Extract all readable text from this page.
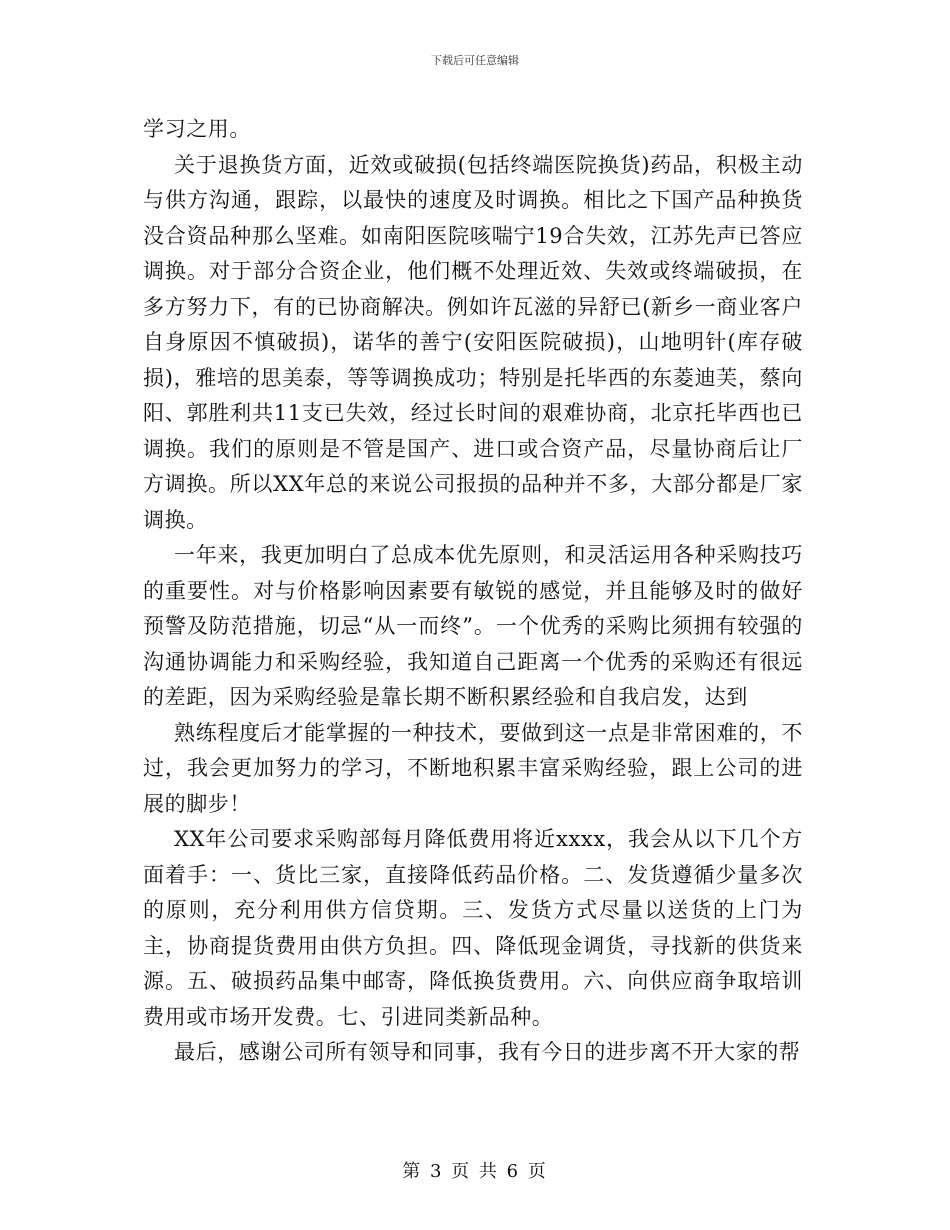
下载后可任意编辑

学习之用。

关于退换货方面，近效或破损(包括终端医院换货)药品，积极主动与供方沟通，跟踪，以最快的速度及时调换。相比之下国产品种换货没合资品种那么坚难。如南阳医院咳喘宁19合失效，江苏先声已答应调换。对于部分合资企业，他们概不处理近效、失效或终端破损，在多方努力下，有的已协商解决。例如许瓦滋的异舒已(新乡一商业客户自身原因不慎破损)，诺华的善宁(安阳医院破损)，山地明针(库存破损)，雅培的思美泰，等等调换成功；特别是托毕西的东菱迪芙，蔡向阳、郭胜利共11支已失效，经过长时间的艰难协商，北京托毕西也已调换。我们的原则是不管是国产、进口或合资产品，尽量协商后让厂方调换。所以XX年总的来说公司报损的品种并不多，大部分都是厂家调换。

一年来，我更加明白了总成本优先原则，和灵活运用各种采购技巧的重要性。对与价格影响因素要有敏锐的感觉，并且能够及时的做好预警及防范措施，切忌“从一而终”。一个优秀的采购比须拥有较强的沟通协调能力和采购经验，我知道自己距离一个优秀的采购还有很远的差距，因为采购经验是靠长期不断积累经验和自我启发，达到

熟练程度后才能掌握的一种技术，要做到这一点是非常困难的，不过，我会更加努力的学习，不断地积累丰富采购经验，跟上公司的进展的脚步！

XX年公司要求采购部每月降低费用将近xxxx，我会从以下几个方面着手：一、货比三家，直接降低药品价格。二、发货遵循少量多次的原则，充分利用供方信贷期。三、发货方式尽量以送货的上门为主，协商提货费用由供方负担。四、降低现金调货，寻找新的供货来源。五、破损药品集中邮寄，降低换货费用。六、向供应商争取培训费用或市场开发费。七、引进同类新品种。

最后，感谢公司所有领导和同事，我有今日的进步离不开大家的帮

第 3 页 共 6 页
